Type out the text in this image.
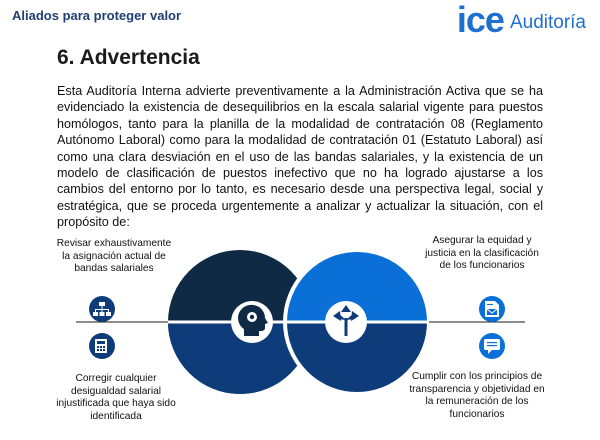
Aliados para proteger valor	ice Auditoría
6. Advertencia

Esta Auditoría Interna advierte preventivamente a la Administración Activa que se ha evidenciado la existencia de desequilibrios en la escala salarial vigente para puestos homólogos, tanto para la planilla de la modalidad de contratación 08 (Reglamento Autónomo Laboral) como para la modalidad de contratación 01 (Estatuto Laboral) así como una clara desviación en el uso de las bandas salariales, y la existencia de un modelo de clasificación de puestos inefectivo que no ha logrado ajustarse a los cambios del entorno por lo tanto, es necesario desde una perspectiva legal, social y estratégica, que se proceda urgentemente a analizar y actualizar la situación, con el propósito de:

Revisar exhaustivamente la asignación actual de bandas salariales
Corregir cualquier desigualdad salarial injustificada que haya sido identificada
Asegurar la equidad y justicia en la clasificación de los funcionarios
Cumplir con los principios de transparencia y objetividad en la remuneración de los funcionarios
